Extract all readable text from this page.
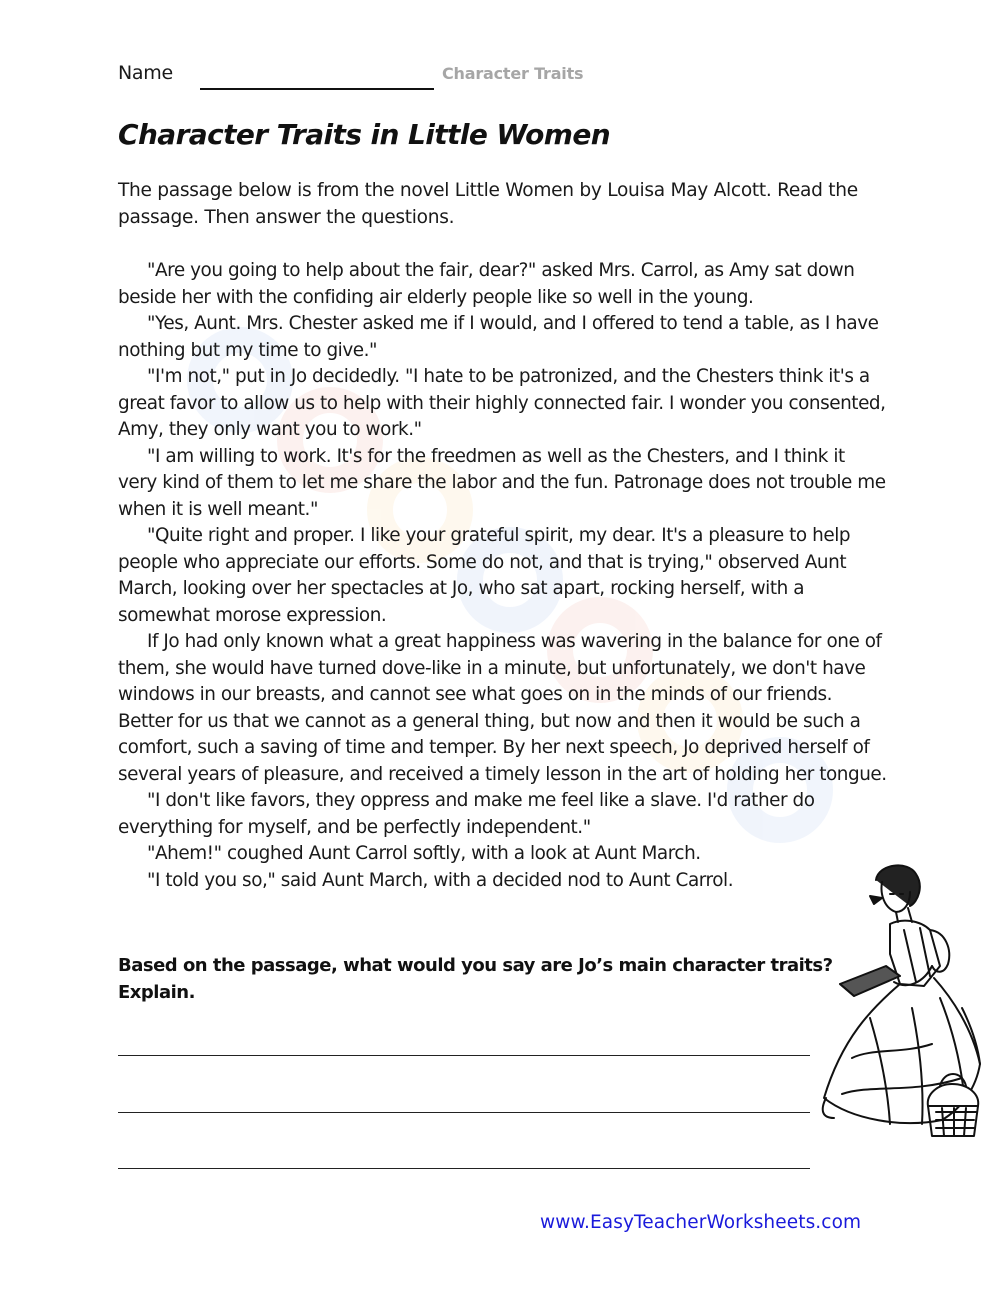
Name	Character Traits
Character Traits in Little Women

The passage below is from the novel Little Women by Louisa May Alcott. Read the passage. Then answer the questions.

"Are you going to help about the fair, dear?" asked Mrs. Carrol, as Amy sat down beside her with the confiding air elderly people like so well in the young.

"Yes, Aunt. Mrs. Chester asked me if I would, and I offered to tend a table, as I have nothing but my time to give."

"I'm not," put in Jo decidedly. "I hate to be patronized, and the Chesters think it's a great favor to allow us to help with their highly connected fair. I wonder you consented, Amy, they only want you to work."

"I am willing to work. It's for the freedmen as well as the Chesters, and I think it very kind of them to let me share the labor and the fun. Patronage does not trouble me when it is well meant."

"Quite right and proper. I like your grateful spirit, my dear. It's a pleasure to help people who appreciate our efforts. Some do not, and that is trying," observed Aunt March, looking over her spectacles at Jo, who sat apart, rocking herself, with a somewhat morose expression.

If Jo had only known what a great happiness was wavering in the balance for one of them, she would have turned dove-like in a minute, but unfortunately, we don't have windows in our breasts, and cannot see what goes on in the minds of our friends. Better for us that we cannot as a general thing, but now and then it would be such a comfort, such a saving of time and temper. By her next speech, Jo deprived herself of several years of pleasure, and received a timely lesson in the art of holding her tongue.

"I don't like favors, they oppress and make me feel like a slave. I'd rather do everything for myself, and be perfectly independent."

"Ahem!" coughed Aunt Carrol softly, with a look at Aunt March.

"I told you so," said Aunt March, with a decided nod to Aunt Carrol.

Based on the passage, what would you say are Jo’s main character traits? Explain.

www.EasyTeacherWorksheets.com
